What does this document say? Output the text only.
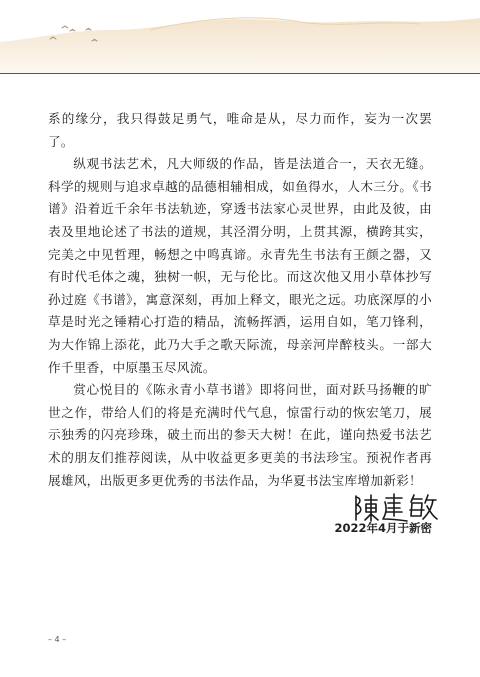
系的缘分，我只得鼓足勇气，唯命是从，尽力而作，妄为一次罢了。

纵观书法艺术，凡大师级的作品，皆是法道合一，天衣无缝。科学的规则与追求卓越的品德相辅相成，如鱼得水，人木三分。《书谱》沿着近千余年书法轨迹，穿透书法家心灵世界，由此及彼，由表及里地论述了书法的道规，其泾渭分明，上贯其源，横跨其实，完美之中见哲理，畅想之中鸣真谛。永青先生书法有王颜之器，又有时代毛体之魂，独树一帜，无与伦比。而这次他又用小草体抄写孙过庭《书谱》，寓意深刻，再加上释文，眼光之远。功底深厚的小草是时光之锤精心打造的精品，流畅挥洒，运用自如，笔刀锋利，为大作锦上添花，此乃大手之歌天际流，母亲河岸醉枝头。一部大作千里香，中原墨玉尽风流。

赏心悦目的《陈永青小草书谱》即将问世，面对跃马扬鞭的旷世之作，带给人们的将是充满时代气息，惊雷行动的恢宏笔刀，展示独秀的闪亮珍珠，破土而出的参天大树！在此，谨向热爱书法艺术的朋友们推荐阅读，从中收益更多更美的书法珍宝。预祝作者再展雄风，出版更多更优秀的书法作品，为华夏书法宝库增加新彩！

2022年4月于新密
– 4 –
